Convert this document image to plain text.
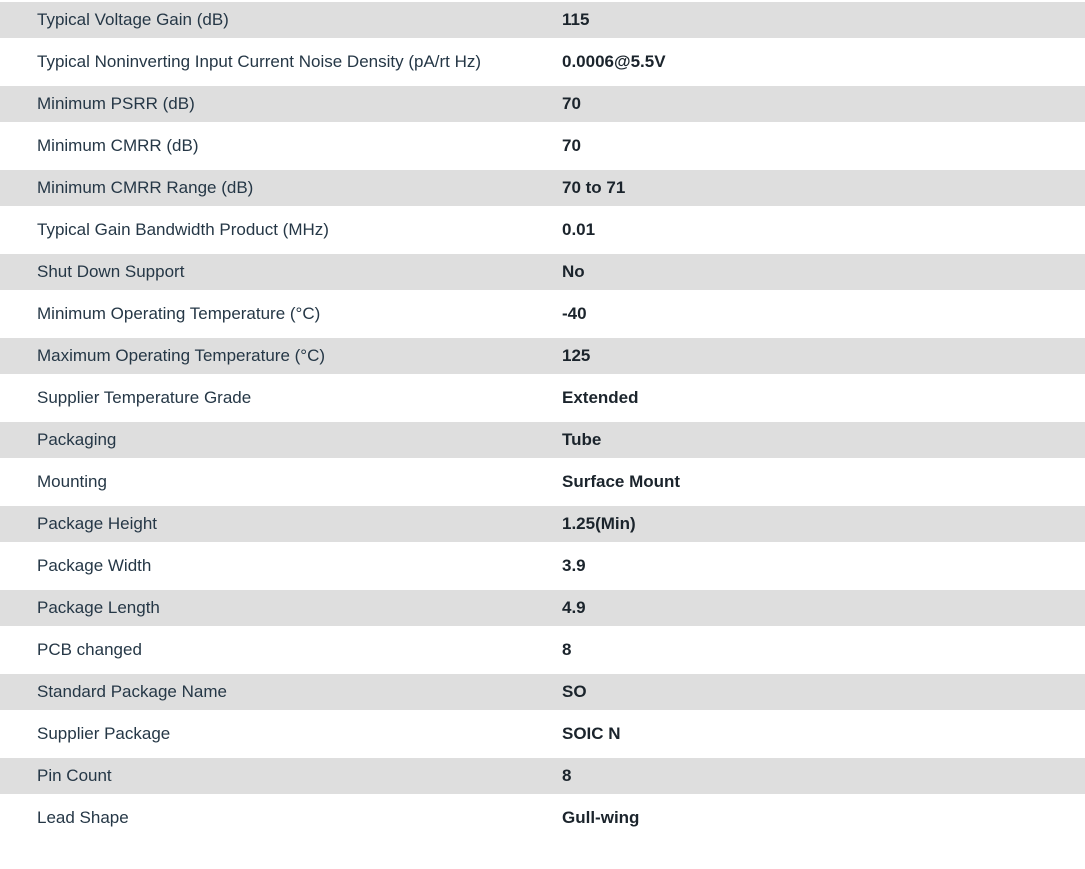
Typical Voltage Gain (dB)	115
Typical Noninverting Input Current Noise Density (pA/rt Hz)	0.0006@5.5V
Minimum PSRR (dB)	70
Minimum CMRR (dB)	70
Minimum CMRR Range (dB)	70 to 71
Typical Gain Bandwidth Product (MHz)	0.01
Shut Down Support	No
Minimum Operating Temperature (°C)	-40
Maximum Operating Temperature (°C)	125
Supplier Temperature Grade	Extended
Packaging	Tube
Mounting	Surface Mount
Package Height	1.25(Min)
Package Width	3.9
Package Length	4.9
PCB changed	8
Standard Package Name	SO
Supplier Package	SOIC N
Pin Count	8
Lead Shape	Gull-wing
